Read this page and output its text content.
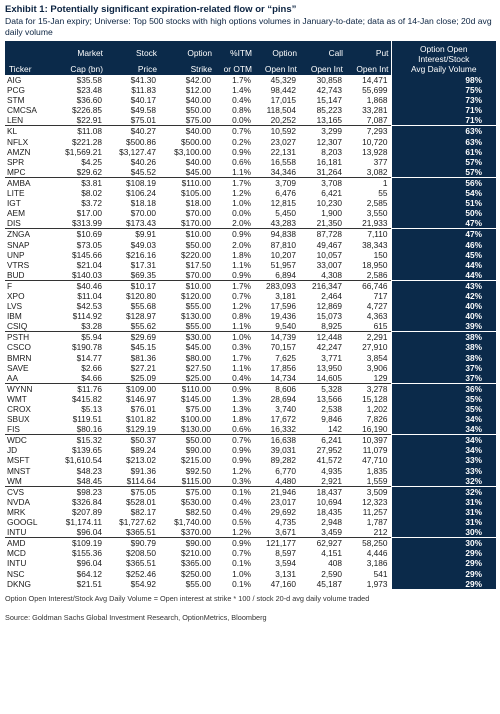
Exhibit 1: Potentially significant expiration-related flow or “pins”
Data for 15-Jan expiry; Universe: Top 500 stocks with high options volumes in January-to-date; data as of 14-Jan close; 20d avg daily volume
	Market	Stock	Option	%ITM	Option	Call	Put	Option Open
Interest/Stock
Avg Daily Volume

Ticker	Cap (bn)	Price	Strike	or OTM	Open Int	Open Int	Open Int	
AIG	$35.58	$41.30	$42.00	1.7%	45,329	30,858	14,471	98%
PCG	$23.48	$11.83	$12.00	1.4%	98,442	42,743	55,699	75%
STM	$36.60	$40.17	$40.00	0.4%	17,015	15,147	1,868	73%
CMCSA	$226.85	$49.58	$50.00	0.8%	118,504	85,223	33,281	71%
LEN	$22.91	$75.01	$75.00	0.0%	20,252	13,165	7,087	71%
KL	$11.08	$40.27	$40.00	0.7%	10,592	3,299	7,293	63%
NFLX	$221.28	$500.86	$500.00	0.2%	23,027	12,307	10,720	63%
AMZN	$1,569.21	$3,127.47	$3,100.00	0.9%	22,131	8,203	13,928	61%
SPR	$4.25	$40.26	$40.00	0.6%	16,558	16,181	377	57%
MPC	$29.62	$45.52	$45.00	1.1%	34,346	31,264	3,082	57%
AMBA	$3.81	$108.19	$110.00	1.7%	3,709	3,708	1	56%
LITE	$8.02	$106.24	$105.00	1.2%	6,476	6,421	55	54%
IGT	$3.72	$18.18	$18.00	1.0%	12,815	10,230	2,585	51%
AEM	$17.00	$70.00	$70.00	0.0%	5,450	1,900	3,550	50%
DIS	$313.99	$173.43	$170.00	2.0%	43,283	21,350	21,933	47%
ZNGA	$10.69	$9.91	$10.00	0.9%	94,838	87,728	7,110	47%
SNAP	$73.05	$49.03	$50.00	2.0%	87,810	49,467	38,343	46%
UNP	$145.66	$216.16	$220.00	1.8%	10,207	10,057	150	45%
VTRS	$21.04	$17.31	$17.50	1.1%	51,957	33,007	18,950	44%
BUD	$140.03	$69.35	$70.00	0.9%	6,894	4,308	2,586	44%
F	$40.46	$10.17	$10.00	1.7%	283,093	216,347	66,746	43%
XPO	$11.04	$120.80	$120.00	0.7%	3,181	2,464	717	42%
LVS	$42.53	$55.68	$55.00	1.2%	17,596	12,869	4,727	40%
IBM	$114.92	$128.97	$130.00	0.8%	19,436	15,073	4,363	40%
CSIQ	$3.28	$55.62	$55.00	1.1%	9,540	8,925	615	39%
PSTH	$5.94	$29.69	$30.00	1.0%	14,739	12,448	2,291	38%
CSCO	$190.78	$45.15	$45.00	0.3%	70,157	42,247	27,910	38%
BMRN	$14.77	$81.36	$80.00	1.7%	7,625	3,771	3,854	38%
SAVE	$2.66	$27.21	$27.50	1.1%	17,856	13,950	3,906	37%
AA	$4.66	$25.09	$25.00	0.4%	14,734	14,605	129	37%
WYNN	$11.76	$109.00	$110.00	0.9%	8,606	5,328	3,278	36%
WMT	$415.82	$146.97	$145.00	1.3%	28,694	13,566	15,128	35%
CROX	$5.13	$76.01	$75.00	1.3%	3,740	2,538	1,202	35%
SBUX	$119.51	$101.82	$100.00	1.8%	17,672	9,846	7,826	34%
FIS	$80.16	$129.19	$130.00	0.6%	16,332	142	16,190	34%
WDC	$15.32	$50.37	$50.00	0.7%	16,638	6,241	10,397	34%
JD	$139.65	$89.24	$90.00	0.9%	39,031	27,952	11,079	34%
MSFT	$1,610.54	$213.02	$215.00	0.9%	89,282	41,572	47,710	33%
MNST	$48.23	$91.36	$92.50	1.2%	6,770	4,935	1,835	33%
WM	$48.45	$114.64	$115.00	0.3%	4,480	2,921	1,559	32%
CVS	$98.23	$75.05	$75.00	0.1%	21,946	18,437	3,509	32%
NVDA	$326.84	$528.01	$530.00	0.4%	23,017	10,694	12,323	31%
MRK	$207.89	$82.17	$82.50	0.4%	29,692	18,435	11,257	31%
GOOGL	$1,174.11	$1,727.62	$1,740.00	0.5%	4,735	2,948	1,787	31%
INTU	$96.04	$365.51	$370.00	1.2%	3,671	3,459	212	30%
AMD	$109.19	$90.79	$90.00	0.9%	121,177	62,927	58,250	30%
MCD	$155.36	$208.50	$210.00	0.7%	8,597	4,151	4,446	29%
INTU	$96.04	$365.51	$365.00	0.1%	3,594	408	3,186	29%
NSC	$64.12	$252.46	$250.00	1.0%	3,131	2,590	541	29%
DKNG	$21.51	$54.92	$55.00	0.1%	47,160	45,187	1,973	29%
Option Open Interest/Stock Avg Daily Volume = Open interest at strike * 100 / stock 20-d avg daily volume traded
Source: Goldman Sachs Global Investment Research, OptionMetrics, Bloomberg
